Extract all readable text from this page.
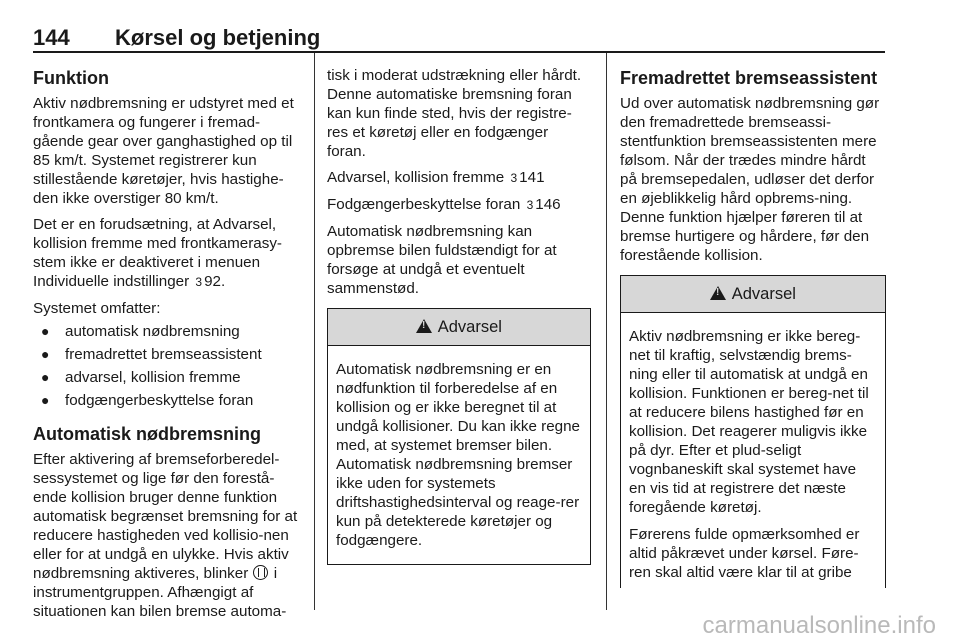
144 Kørsel og betjening
Funktion

Aktiv nødbremsning er udstyret med et frontkamera og fungerer i fremad-gående gear over ganghastighed op til 85 km/t. Systemet registrerer kun stillestående køretøjer, hvis hastighe-den ikke overstiger 80 km/t.

Det er en forudsætning, at Advarsel, kollision fremme med frontkamerasy-stem ikke er deaktiveret i menuen Individuelle indstillinger 3 92.

Systemet omfatter:

● automatisk nødbremsning
● fremadrettet bremseassistent
● advarsel, kollision fremme
● fodgængerbeskyttelse foran
Automatisk nødbremsning

Efter aktivering af bremseforberedel-sessystemet og lige før den forestå-ende kollision bruger denne funktion automatisk begrænset bremsning for at reducere hastigheden ved kollisio-nen eller for at undgå en ulykke. Hvis aktiv nødbremsning aktiveres, blinker i instrumentgruppen. Afhængigt af situationen kan bilen bremse automa-

tisk i moderat udstrækning eller hårdt. Denne automatiske bremsning foran kan kun finde sted, hvis der registre-res et køretøj eller en fodgænger foran.

Advarsel, kollision fremme 3 141

Fodgængerbeskyttelse foran 3 146

Automatisk nødbremsning kan opbremse bilen fuldstændigt for at forsøge at undgå et eventuelt sammenstød.

! Advarsel

Automatisk nødbremsning er en nødfunktion til forberedelse af en kollision og er ikke beregnet til at undgå kollisioner. Du kan ikke regne med, at systemet bremser bilen. Automatisk nødbremsning bremser ikke uden for systemets driftshastighedsinterval og reage-rer kun på detekterede køretøjer og fodgængere.

Fremadrettet bremseassistent

Ud over automatisk nødbremsning gør den fremadrettede bremseassi-stentfunktion bremseassistenten mere følsom. Når der trædes mindre hårdt på bremsepedalen, udløser det derfor en øjeblikkelig hård opbrems-ning. Denne funktion hjælper føreren til at bremse hurtigere og hårdere, før den forestående kollision.

! Advarsel

Aktiv nødbremsning er ikke bereg-net til kraftig, selvstændig brems-ning eller til automatisk at undgå en kollision. Funktionen er bereg-net til at reducere bilens hastighed før en kollision. Det reagerer muligvis ikke på dyr. Efter et plud-seligt vognbaneskift skal systemet have en vis tid at registrere det næste foregående køretøj.

Førerens fulde opmærksomhed er altid påkrævet under kørsel. Føre-ren skal altid være klar til at gribe

carmanualsonline.info
